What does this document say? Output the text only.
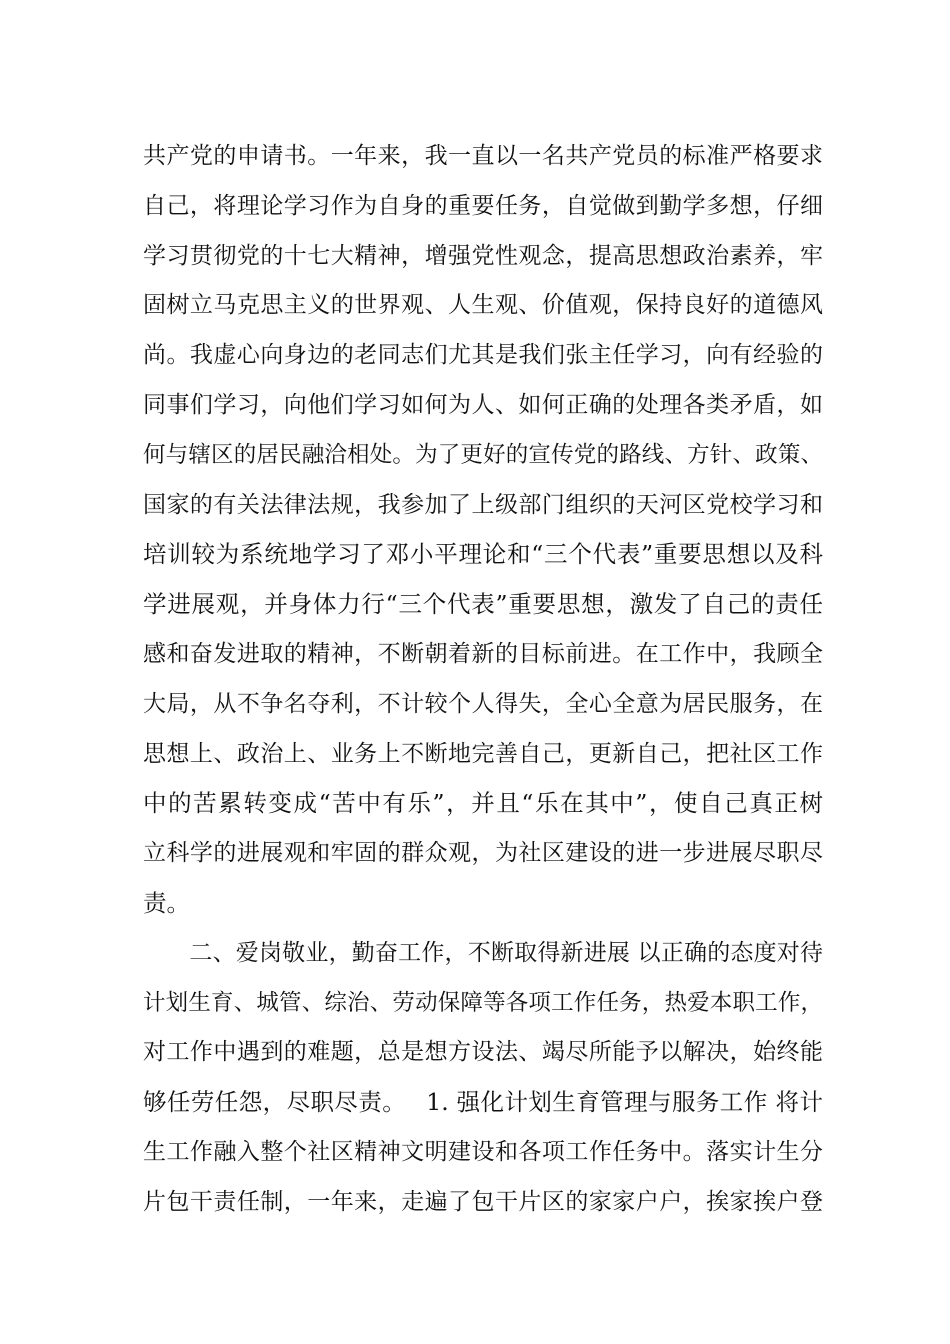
共产党的申请书。一年来，我一直以一名共产党员的标准严格要求
自己，将理论学习作为自身的重要任务，自觉做到勤学多想，仔细
学习贯彻党的十七大精神，增强党性观念，提高思想政治素养，牢
固树立马克思主义的世界观、人生观、价值观，保持良好的道德风
尚。我虚心向身边的老同志们尤其是我们张主任学习，向有经验的
同事们学习，向他们学习如何为人、如何正确的处理各类矛盾，如
何与辖区的居民融洽相处。为了更好的宣传党的路线、方针、政策、
国家的有关法律法规，我参加了上级部门组织的天河区党校学习和
培训较为系统地学习了邓小平理论和“三个代表”重要思想以及科
学进展观，并身体力行“三个代表”重要思想，激发了自己的责任
感和奋发进取的精神，不断朝着新的目标前进。在工作中，我顾全
大局，从不争名夺利，不计较个人得失，全心全意为居民服务，在
思想上、政治上、业务上不断地完善自己，更新自己，把社区工作
中的苦累转变成“苦中有乐”，并且“乐在其中”，使自己真正树
立科学的进展观和牢固的群众观，为社区建设的进一步进展尽职尽
责。
　　二、爱岗敬业，勤奋工作，不断取得新进展 以正确的态度对待
计划生育、城管、综治、劳动保障等各项工作任务，热爱本职工作，
对工作中遇到的难题，总是想方设法、竭尽所能予以解决，始终能
够任劳任怨，尽职尽责。　 1. 强化计划生育管理与服务工作 将计
生工作融入整个社区精神文明建设和各项工作任务中。落实计生分
片包干责任制，一年来，走遍了包干片区的家家户户，挨家挨户登
